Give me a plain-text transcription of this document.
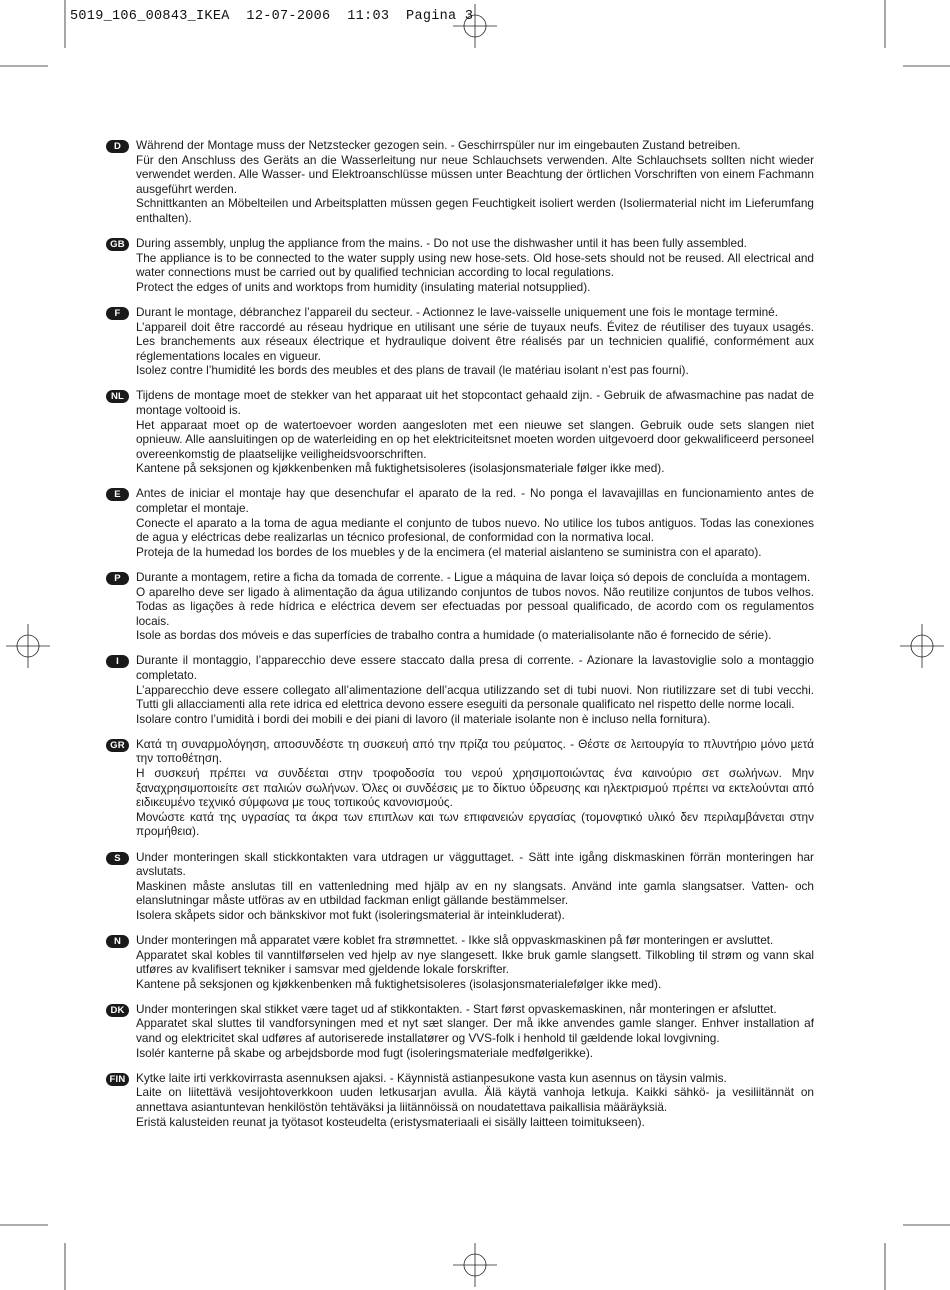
5019_106_00843_IKEA  12-07-2006  11:03  Pagina 3
D	Während der Montage muss der Netzstecker gezogen sein. - Geschirrspüler nur im eingebauten Zustand betreiben.

Für den Anschluss des Geräts an die Wasserleitung nur neue Schlauchsets verwenden. Alte Schlauchsets sollten nicht wieder verwendet werden. Alle Wasser- und Elektroanschlüsse müssen unter Beachtung der örtlichen Vorschriften von einem Fachmann ausgeführt werden.

Schnittkanten an Möbelteilen und Arbeitsplatten müssen gegen Feuchtigkeit isoliert werden (Isoliermaterial nicht im Lieferumfang enthalten).

GB During assembly, unplug the appliance from the mains. - Do not use the dishwasher until it has been fully assembled.

The appliance is to be connected to the water supply using new hose-sets. Old hose-sets should not be reused. All electrical and water connections must be carried out by qualified technician according to local regulations.

Protect the edges of units and worktops from humidity (insulating material notsupplied).

F	Durant le montage, débranchez l’appareil du secteur. - Actionnez le lave-vaisselle uniquement une fois le montage terminé.

L’appareil doit être raccordé au réseau hydrique en utilisant une série de tuyaux neufs. Évitez de réutiliser des tuyaux usagés. Les branchements aux réseaux électrique et hydraulique doivent être réalisés par un technicien qualifié, conformément aux réglementations locales en vigueur.

Isolez contre l’humidité les bords des meubles et des plans de travail (le matériau isolant n’est pas fourni).

NL	Tijdens de montage moet de stekker van het apparaat uit het stopcontact gehaald zijn. - Gebruik de afwasmachine pas nadat de montage voltooid is.

Het apparaat moet op de watertoevoer worden aangesloten met een nieuwe set slangen. Gebruik oude sets slangen niet opnieuw. Alle aansluitingen op de waterleiding en op het elektriciteitsnet moeten worden uitgevoerd door gekwalificeerd personeel overeenkomstig de plaatselijke veiligheidsvoorschriften.

Kantene på seksjonen og kjøkkenbenken må fuktighetsisoleres (isolasjonsmateriale følger ikke med).

E	Antes de iniciar el montaje hay que desenchufar el aparato de la red. - No ponga el lavavajillas en funcionamiento antes de completar el montaje.

Conecte el aparato a la toma de agua mediante el conjunto de tubos nuevo. No utilice los tubos antiguos. Todas las conexiones de agua y eléctricas debe realizarlas un técnico profesional, de conformidad con la normativa local.

Proteja de la humedad los bordes de los muebles y de la encimera (el material aislanteno se suministra con el aparato).

P	Durante a montagem, retire a ficha da tomada de corrente. - Ligue a máquina de lavar loiça só depois de concluída a montagem.

O aparelho deve ser ligado à alimentação da água utilizando conjuntos de tubos novos. Não reutilize conjuntos de tubos velhos. Todas as ligações à rede hídrica e eléctrica devem ser efectuadas por pessoal qualificado, de acordo com os regulamentos locais.

Isole as bordas dos móveis e das superfícies de trabalho contra a humidade (o materialisolante não é fornecido de série).

I	Durante il montaggio, l’apparecchio deve essere staccato dalla presa di corrente. - Azionare la lavastoviglie solo a montaggio completato.

L’apparecchio deve essere collegato all’alimentazione dell’acqua utilizzando set di tubi nuovi. Non riutilizzare set di tubi vecchi. Tutti gli allacciamenti alla rete idrica ed elettrica devono essere eseguiti da personale qualificato nel rispetto delle norme locali.

Isolare contro l’umidità i bordi dei mobili e dei piani di lavoro (il materiale isolante non è incluso nella fornitura).

GR Κατά τη συναρμολόγηση, αποσυνδέστε τη συσκευή από την πρίζα του ρεύματος. - Θέστε σε λειτουργία το πλυντήριο μόνο μετά την τοποθέτηση.

Η συσκευή πρέπει να συνδέεται στην τροφοδοσία του νερού χρησιμοποιώντας ένα καινούριο σετ σωλήνων. Μην ξαναχρησιμοποιείτε σετ παλιών σωλήνων. Όλες οι συνδέσεις με το δίκτυο ύδρευσης και ηλεκτρισμού πρέπει να εκτελούνται από ειδικευμένο τεχνικό σύμφωνα με τους τοπικούς κανονισμούς.

Μονώστε κατά της υγρασίας τα άκρα των επιπλων και των επιφανειών εργασίας (τομονφτικό υλικό δεν περιλαμβάνεται στην προμήθεια).

S	Under monteringen skall stickkontakten vara utdragen ur vägguttaget. - Sätt inte igång diskmaskinen förrän monteringen har avslutats.

Maskinen måste anslutas till en vattenledning med hjälp av en ny slangsats. Använd inte gamla slangsatser. Vatten- och elanslutningar måste utföras av en utbildad fackman enligt gällande bestämmelser.

Isolera skåpets sidor och bänkskivor mot fukt (isoleringsmaterial är inteinkluderat).

N	Under monteringen må apparatet være koblet fra strømnettet. - Ikke slå oppvaskmaskinen på før monteringen er avsluttet.

Apparatet skal kobles til vanntilførselen ved hjelp av nye slangesett. Ikke bruk gamle slangsett. Tilkobling til strøm og vann skal utføres av kvalifisert tekniker i samsvar med gjeldende lokale forskrifter.

Kantene på seksjonen og kjøkkenbenken må fuktighetsisoleres (isolasjonsmaterialefølger ikke med).

DK Under monteringen skal stikket være taget ud af stikkontakten. - Start først opvaskemaskinen, når monteringen er afsluttet.

Apparatet skal sluttes til vandforsyningen med et nyt sæt slanger. Der må ikke anvendes gamle slanger. Enhver installation af vand og elektricitet skal udføres af autoriserede installatører og VVS-folk i henhold til gældende lokal lovgivning.

Isolér kanterne på skabe og arbejdsborde mod fugt (isoleringsmateriale medfølgerikke).

FIN Kytke laite irti verkkovirrasta asennuksen ajaksi. - Käynnistä astianpesukone vasta kun asennus on täysin valmis.

Laite on liitettävä vesijohtoverkkoon uuden letkusarjan avulla. Älä käytä vanhoja letkuja. Kaikki sähkö- ja vesiliitännät on annettava asiantuntevan henkilöstön tehtäväksi ja liitännöissä on noudatettava paikallisia määräyksiä.

Eristä kalusteiden reunat ja työtasot kosteudelta (eristysmateriaali ei sisälly laitteen toimitukseen).
